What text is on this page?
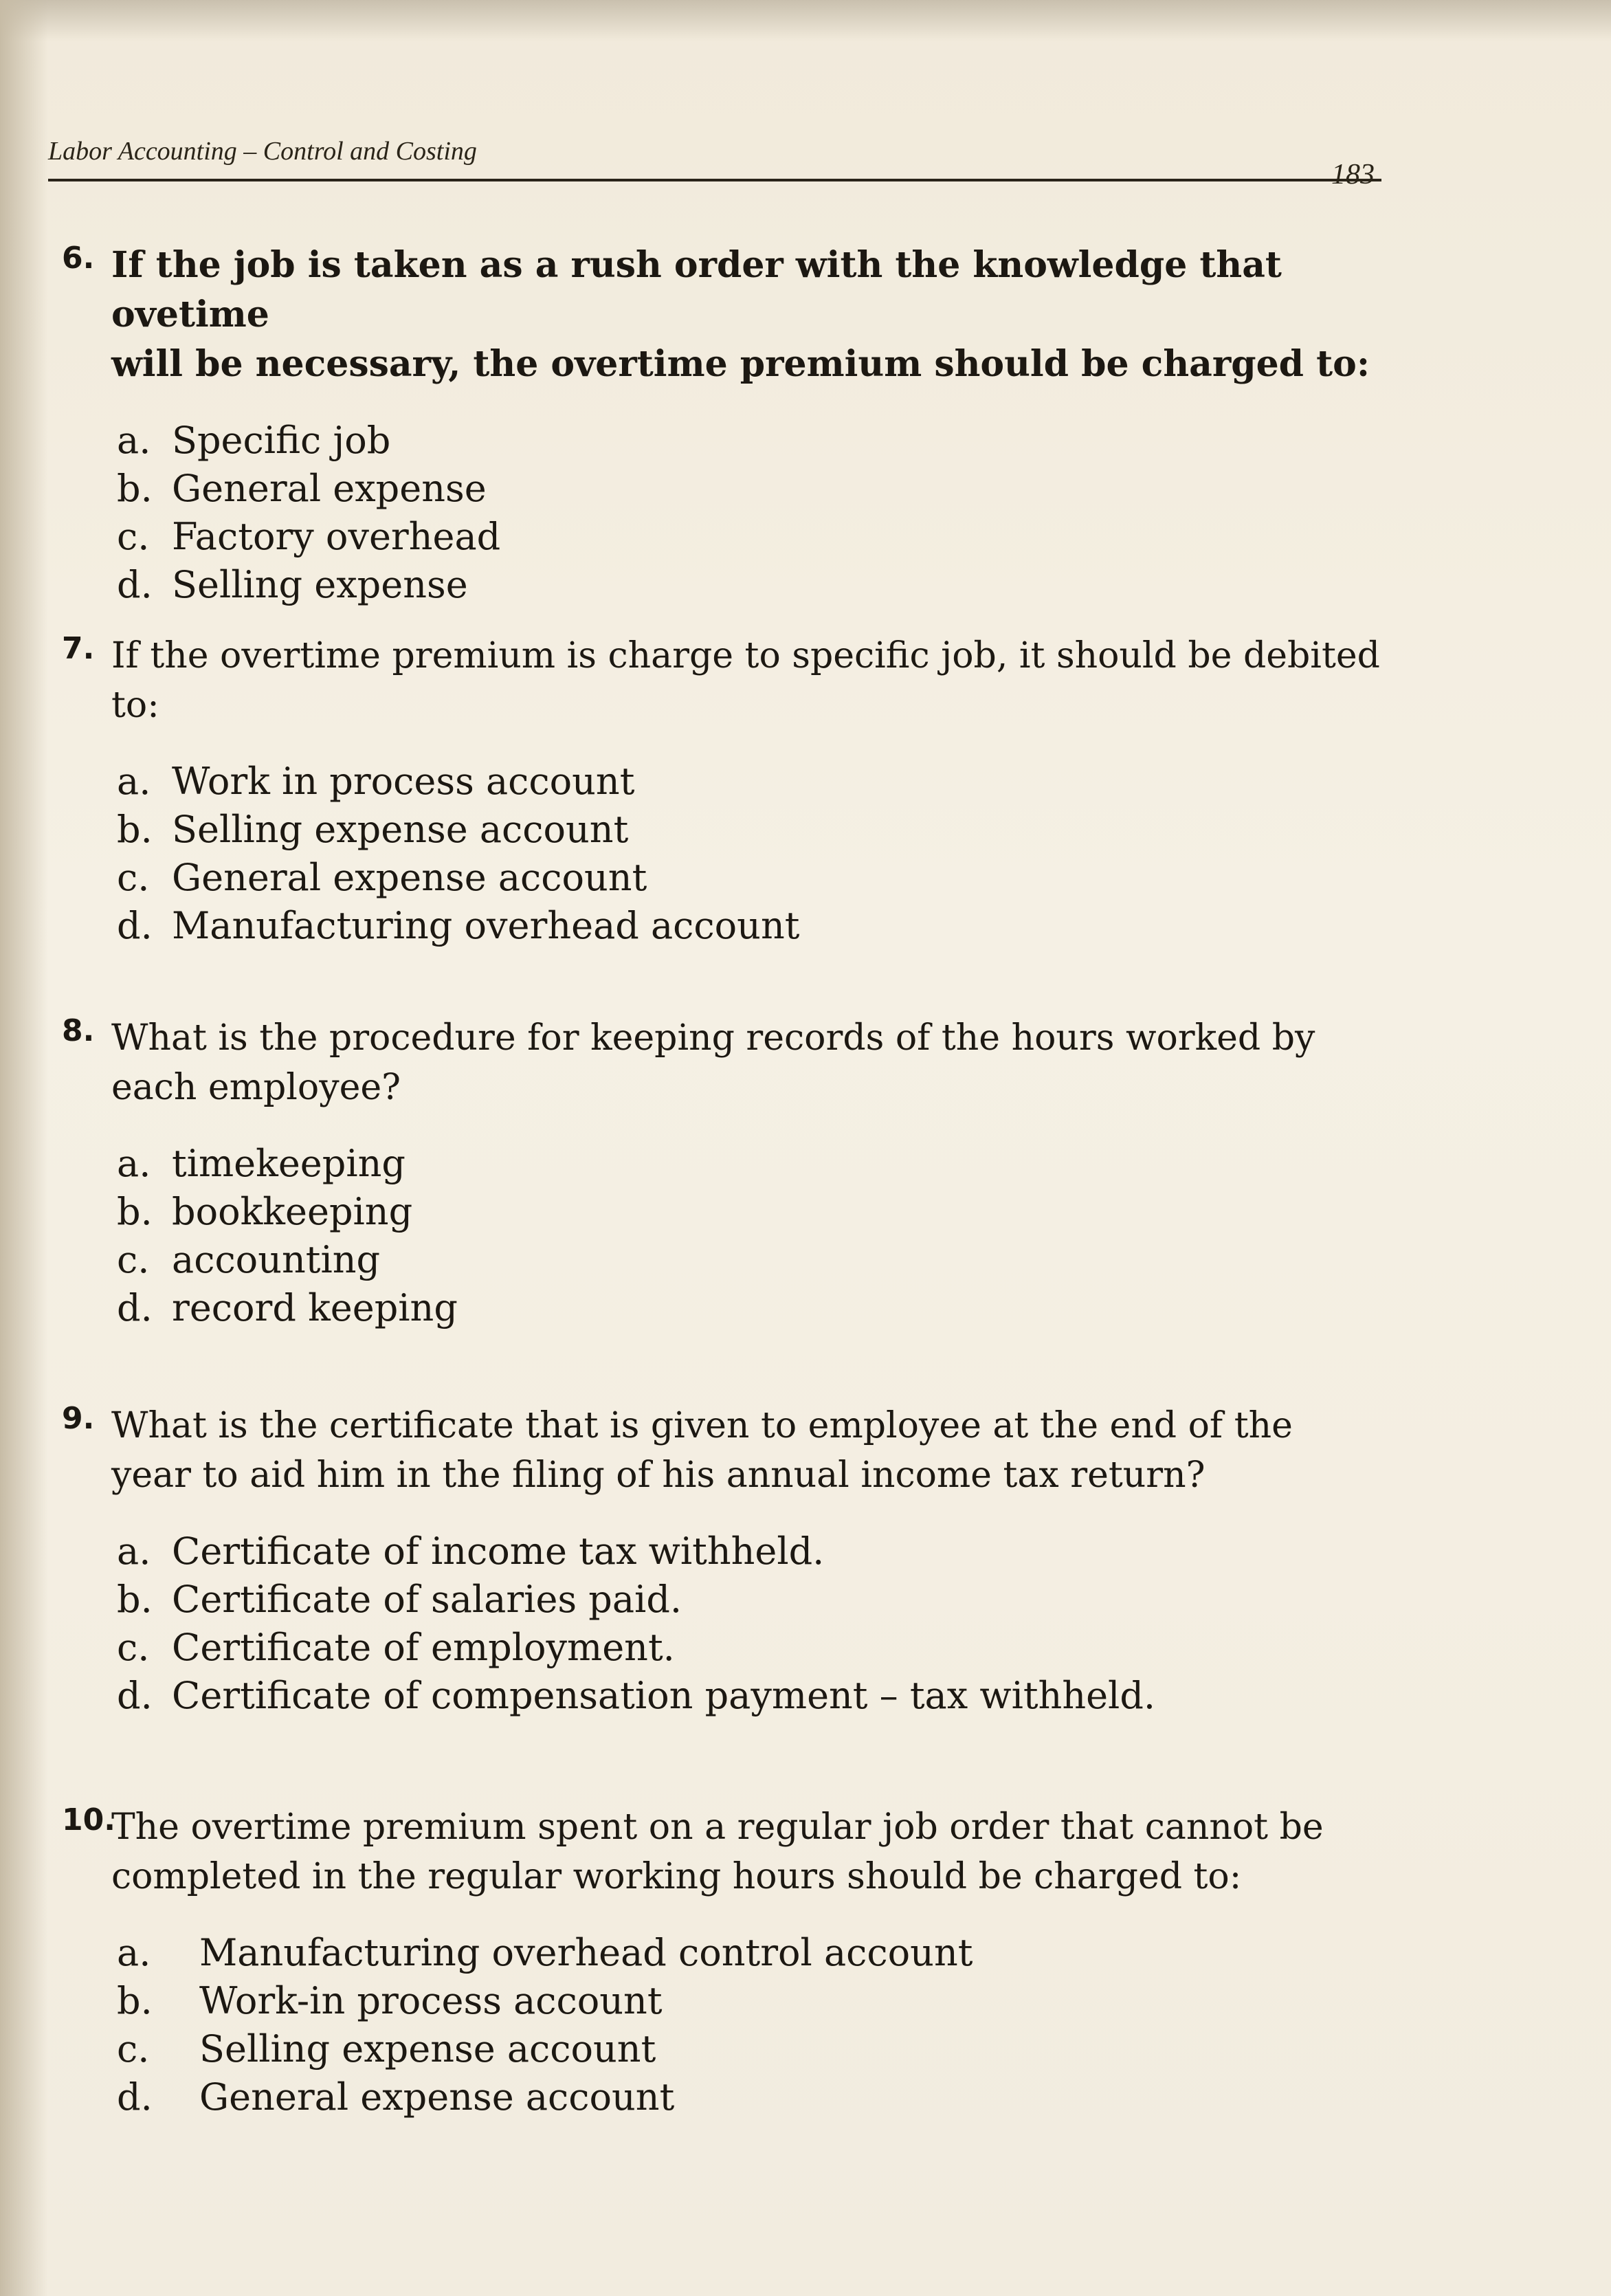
Labor Accounting – Control and Costing
183
6. If the job is taken as a rush order with the knowledge that ovetime
will be necessary, the overtime premium should be charged to:
a. Specific job
b. General expense
c. Factory overhead
d. Selling expense
7. If the overtime premium is charge to specific job, it should be debited
to:
a. Work in process account
b. Selling expense account
c. General expense account
d. Manufacturing overhead account
8. What is the procedure for keeping records of the hours worked by
each employee?
a. timekeeping
b. bookkeeping
c. accounting
d. record keeping
9. What is the certificate that is given to employee at the end of the
year to aid him in the filing of his annual income tax return?
a. Certificate of income tax withheld.
b. Certificate of salaries paid.
c. Certificate of employment.
d. Certificate of compensation payment – tax withheld.
10.
The overtime premium spent on a regular job order that cannot be
completed in the regular working hours should be charged to:
a. Manufacturing overhead control account
b. Work-in process account
c. Selling expense account
d. General expense account
